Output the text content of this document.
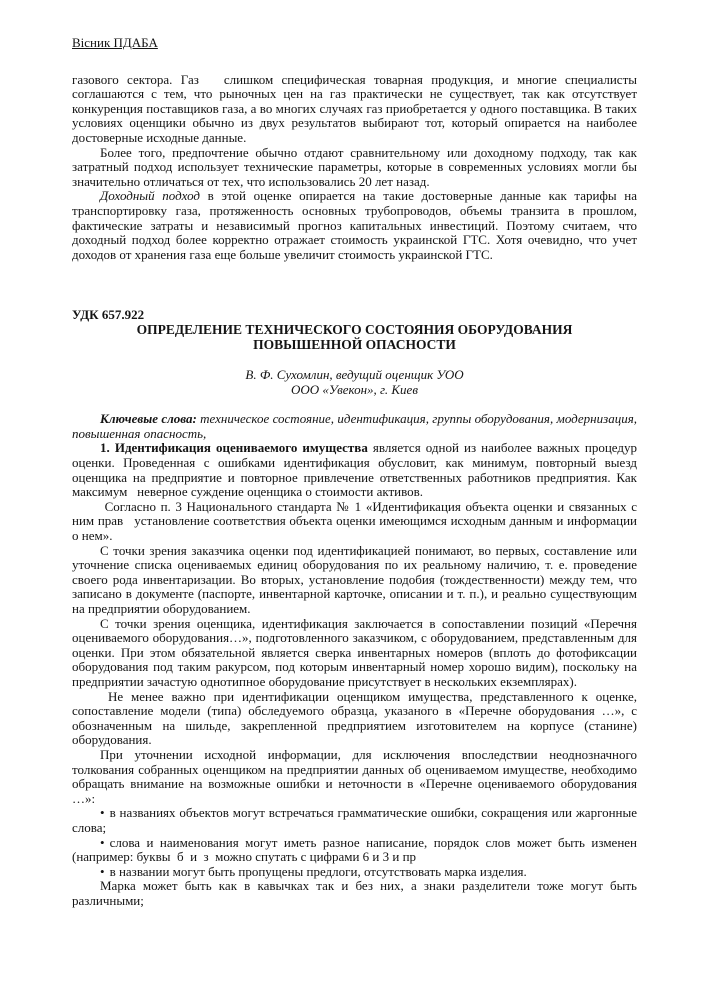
Вісник ПДАБА

газового сектора. Газ   слишком специфическая товарная продукция, и многие специалисты соглашаются с тем, что рыночных цен на газ практически не существует, так как отсутствует конкуренция поставщиков газа, а во многих случаях газ приобретается у одного поставщика. В таких условиях оценщики обычно из двух результатов выбирают тот, который опирается на наиболее достоверные исходные данные.

Более того, предпочтение обычно отдают сравнительному или доходному подходу, так как затратный подход использует технические параметры, которые в современных условиях могли бы значительно отличаться от тех, что использовались 20 лет назад.

Доходный подход в этой оценке опирается на такие достоверные данные как тарифы на транспортировку газа, протяженность основных трубопроводов, объемы транзита в прошлом, фактические затраты и независимый прогноз капитальных инвестиций. Поэтому считаем, что доходный подход более корректно отражает стоимость украинской ГТС. Хотя очевидно, что учет доходов от хранения газа еще больше увеличит стоимость украинской ГТС.

УДК 657.922

ОПРЕДЕЛЕНИЕ ТЕХНИЧЕСКОГО СОСТОЯНИЯ ОБОРУДОВАНИЯ

ПОВЫШЕННОЙ ОПАСНОСТИ

В. Ф. Сухомлин, ведущий оценщик УОО

ООО «Увекон», г. Киев

Ключевые слова: техническое состояние, идентификация, группы оборудования, модернизация, повышенная опасность,

1. Идентификация оцениваемого имущества является одной из наиболее важных процедур оценки. Проведенная с ошибками идентификация обусловит, как минимум, повторный выезд оценщика на предприятие и повторное привлечение ответственных работников предприятия. Как максимум   неверное суждение оценщика о стоимости активов.

Согласно п. 3 Национального стандарта № 1 «Идентификация объекта оценки и связанных с ним прав   установление соответствия объекта оценки имеющимся исходным данным и информации о нем».

С точки зрения заказчика оценки под идентификацией понимают, во первых, составление или уточнение списка оцениваемых единиц оборудования по их реальному наличию, т. е. проведение своего рода инвентаризации. Во вторых, установление подобия (тождественности) между тем, что записано в документе (паспорте, инвентарной карточке, описании и т. п.), и реально существующим на предприятии оборудованием.

С точки зрения оценщика, идентификация заключается в сопоставлении позиций «Перечня оцениваемого оборудования…», подготовленного заказчиком, с оборудованием, представленным для оценки. При этом обязательной является сверка инвентарных номеров (вплоть до фотофиксации оборудования под таким ракурсом, под которым инвентарный номер хорошо видим), поскольку на предприятии зачастую однотипное оборудование присутствует в нескольких екземплярах).

Не менее важно при идентификации оценщиком имущества, представленного к оценке, сопоставление модели (типа) обследуемого образца, указаного в «Перечне оборудования …», с обозначенным на шильде, закрепленной предприятием изготовителем на корпусе (станине) оборудования.

При уточнении исходной информации, для исключения впоследствии неоднозначного толкования собранных оценщиком на предприятии данных об оцениваемом имуществе, необходимо обращать внимание на возможные ошибки и неточности в «Перечне оцениваемого оборудования …»:

• в названиях объектов могут встречаться грамматические ошибки, сокращения или жаргонные слова;

• слова и наименования могут иметь разное написание, порядок слов может быть изменен (например: буквы  б  и  з  можно спутать с цифрами 6 и 3 и пр

• в названии могут быть пропущены предлоги, отсутствовать марка изделия.

Марка может быть как в кавычках так и без них, а знаки разделители тоже могут быть различными;
